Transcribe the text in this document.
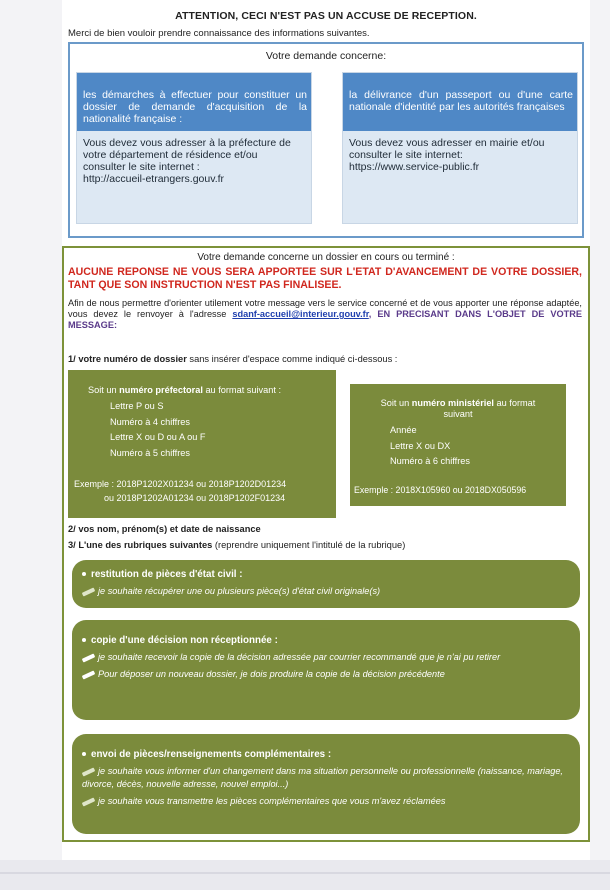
ATTENTION, CECI N'EST PAS UN ACCUSE DE RECEPTION.
Merci de bien vouloir prendre connaissance des informations suivantes.
Votre demande concerne:
les démarches à effectuer pour constituer un dossier de demande d'acquisition de la nationalité française :
Vous devez vous adresser à la préfecture de
votre département de résidence et/ou
consulter le site internet :
http://accueil-etrangers.gouv.fr
la délivrance d'un passeport ou d'une carte nationale d'identité par les autorités françaises
Vous devez vous adresser en mairie et/ou
consulter le site internet:
https://www.service-public.fr
Votre demande concerne un dossier en cours ou terminé :
AUCUNE REPONSE NE VOUS SERA APPORTEE SUR L'ETAT D'AVANCEMENT DE VOTRE DOSSIER, TANT QUE SON INSTRUCTION N'EST PAS FINALISEE.
Afin de nous permettre d'orienter utilement votre message vers le service concerné et de vous apporter une réponse adaptée, vous devez le renvoyer à l'adresse sdanf-accueil@interieur.gouv.fr, EN PRECISANT DANS L'OBJET DE VOTRE MESSAGE:
1/ votre numéro de dossier sans insérer d'espace comme indiqué ci-dessous :
Soit un numéro préfectoral au format suivant :
Lettre P ou S
Numéro à 4 chiffres
Lettre X ou D ou A ou F
Numéro à 5 chiffres
Exemple : 2018P1202X01234 ou 2018P1202D01234
ou 2018P1202A01234 ou 2018P1202F01234
Soit un numéro ministériel au format
suivant
Année
Lettre X ou DX
Numéro à 6 chiffres
Exemple : 2018X105960 ou 2018DX050596
2/ vos nom, prénom(s) et date de naissance
3/ L'une des rubriques suivantes (reprendre uniquement l'intitulé de la rubrique)
restitution de pièces d'état civil :
je souhaite récupérer une ou plusieurs pièce(s) d'état civil originale(s)
copie d'une décision non réceptionnée :
je souhaite recevoir la copie de la décision adressée par courrier recommandé que je n'ai pu retirer
Pour déposer un nouveau dossier, je dois produire la copie de la décision précédente
envoi de pièces/renseignements complémentaires :
je souhaite vous informer d'un changement dans ma situation personnelle ou professionnelle (naissance, mariage, divorce, décès, nouvelle adresse, nouvel emploi...)
je souhaite vous transmettre les pièces complémentaires que vous m'avez réclamées
